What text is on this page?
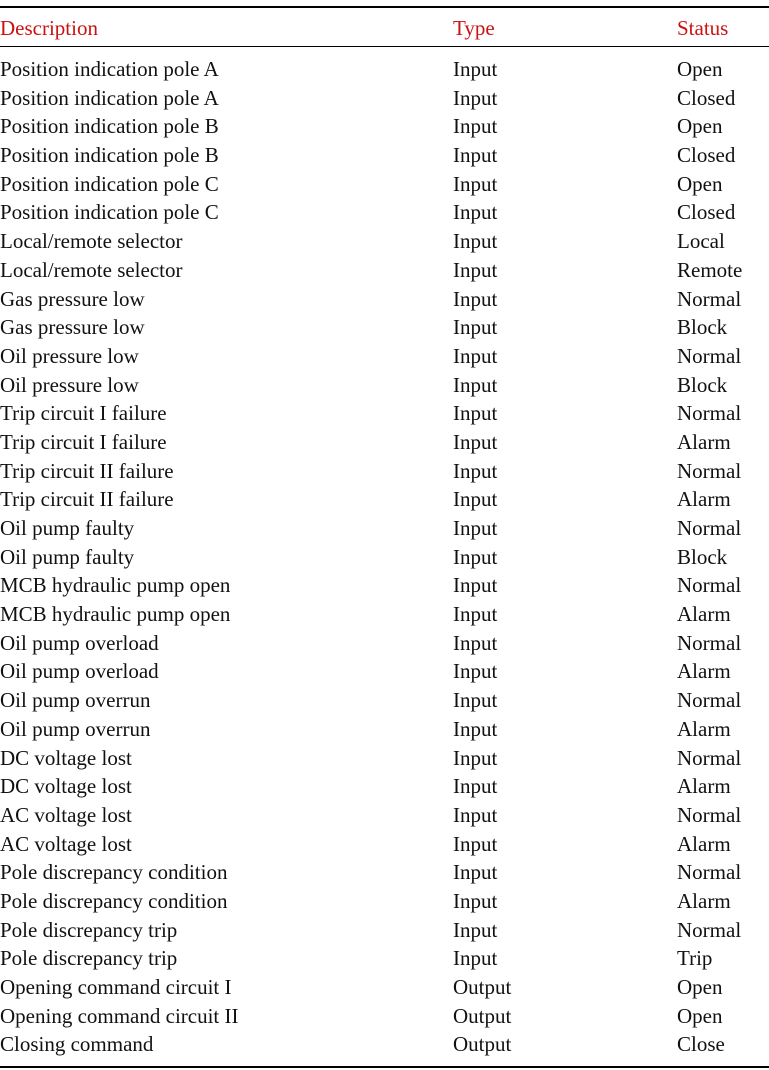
Description	Type	Status
Position indication pole A	Input	Open
Position indication pole A	Input	Closed
Position indication pole B	Input	Open
Position indication pole B	Input	Closed
Position indication pole C	Input	Open
Position indication pole C	Input	Closed
Local/remote selector	Input	Local
Local/remote selector	Input	Remote
Gas pressure low	Input	Normal
Gas pressure low	Input	Block
Oil pressure low	Input	Normal
Oil pressure low	Input	Block
Trip circuit I failure	Input	Normal
Trip circuit I failure	Input	Alarm
Trip circuit II failure	Input	Normal
Trip circuit II failure	Input	Alarm
Oil pump faulty	Input	Normal
Oil pump faulty	Input	Block
MCB hydraulic pump open	Input	Normal
MCB hydraulic pump open	Input	Alarm
Oil pump overload	Input	Normal
Oil pump overload	Input	Alarm
Oil pump overrun	Input	Normal
Oil pump overrun	Input	Alarm
DC voltage lost	Input	Normal
DC voltage lost	Input	Alarm
AC voltage lost	Input	Normal
AC voltage lost	Input	Alarm
Pole discrepancy condition	Input	Normal
Pole discrepancy condition	Input	Alarm
Pole discrepancy trip	Input	Normal
Pole discrepancy trip	Input	Trip
Opening command circuit I	Output	Open
Opening command circuit II	Output	Open
Closing command	Output	Close
